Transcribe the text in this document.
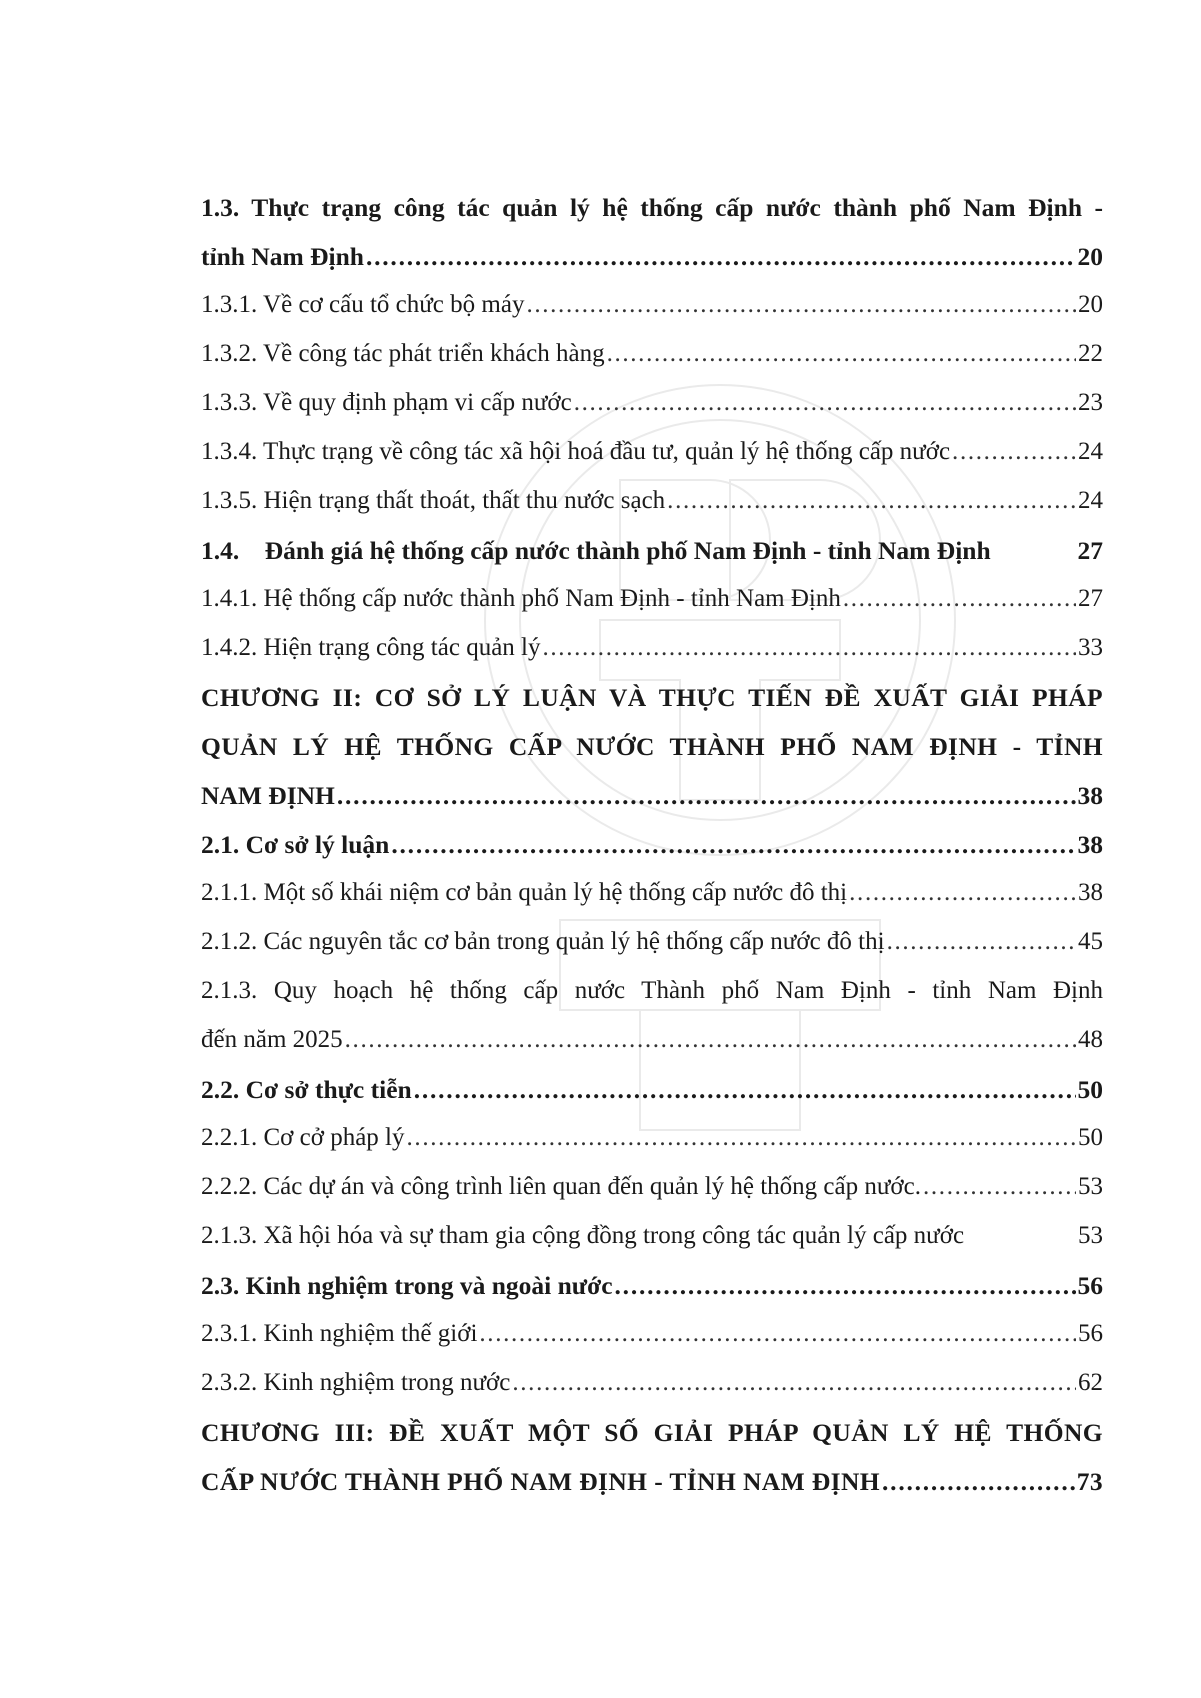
1.3. Thực trạng công tác quản lý hệ thống cấp nước thành phố Nam Định -
tỉnh Nam Định . . .	20
1.3.1. Về cơ cấu tổ chức bộ máy . . .	20
1.3.2. Về công tác phát triển khách hàng . . .	22
1.3.3. Về quy định phạm vi cấp nước . . .	23
1.3.4. Thực trạng về công tác xã hội hoá đầu tư, quản lý hệ thống cấp nước . . .	24
1.3.5. Hiện trạng thất thoát, thất thu nước sạch . . .	24
1.4.    Đánh giá hệ thống cấp nước thành phố Nam Định - tỉnh Nam Định	27
1.4.1. Hệ thống cấp nước thành phố Nam Định - tỉnh Nam Định . . .	27
1.4.2. Hiện trạng công tác quản lý . . .	33
CHƯƠNG II: CƠ SỞ LÝ LUẬN VÀ THỰC TIẾN ĐỀ XUẤT GIẢI PHÁP
QUẢN LÝ HỆ THỐNG CẤP NƯỚC THÀNH PHỐ NAM ĐỊNH - TỈNH
NAM ĐỊNH . . .	38
2.1. Cơ sở lý luận . . .	38
2.1.1. Một số khái niệm cơ bản quản lý hệ thống cấp nước đô thị . . .	38
2.1.2. Các nguyên tắc cơ bản trong quản lý hệ thống cấp nước đô thị . . .	45
2.1.3. Quy hoạch hệ thống cấp nước Thành phố Nam Định - tỉnh Nam Định
đến năm 2025 . . .	48
2.2. Cơ sở thực tiễn . . .	50
2.2.1. Cơ cở pháp lý . . .	50
2.2.2. Các dự án và công trình liên quan đến quản lý hệ thống cấp nước. . . .	53
2.1.3. Xã hội hóa và sự tham gia cộng đồng trong công tác quản lý cấp nước	53
2.3. Kinh nghiệm trong và ngoài nước . . .	56
2.3.1. Kinh nghiệm thế giới . . .	56
2.3.2. Kinh nghiệm trong nước . . .	62
CHƯƠNG III: ĐỀ XUẤT MỘT SỐ GIẢI PHÁP QUẢN LÝ HỆ THỐNG
CẤP NƯỚC THÀNH PHỐ NAM ĐỊNH - TỈNH NAM ĐỊNH . . .	73
